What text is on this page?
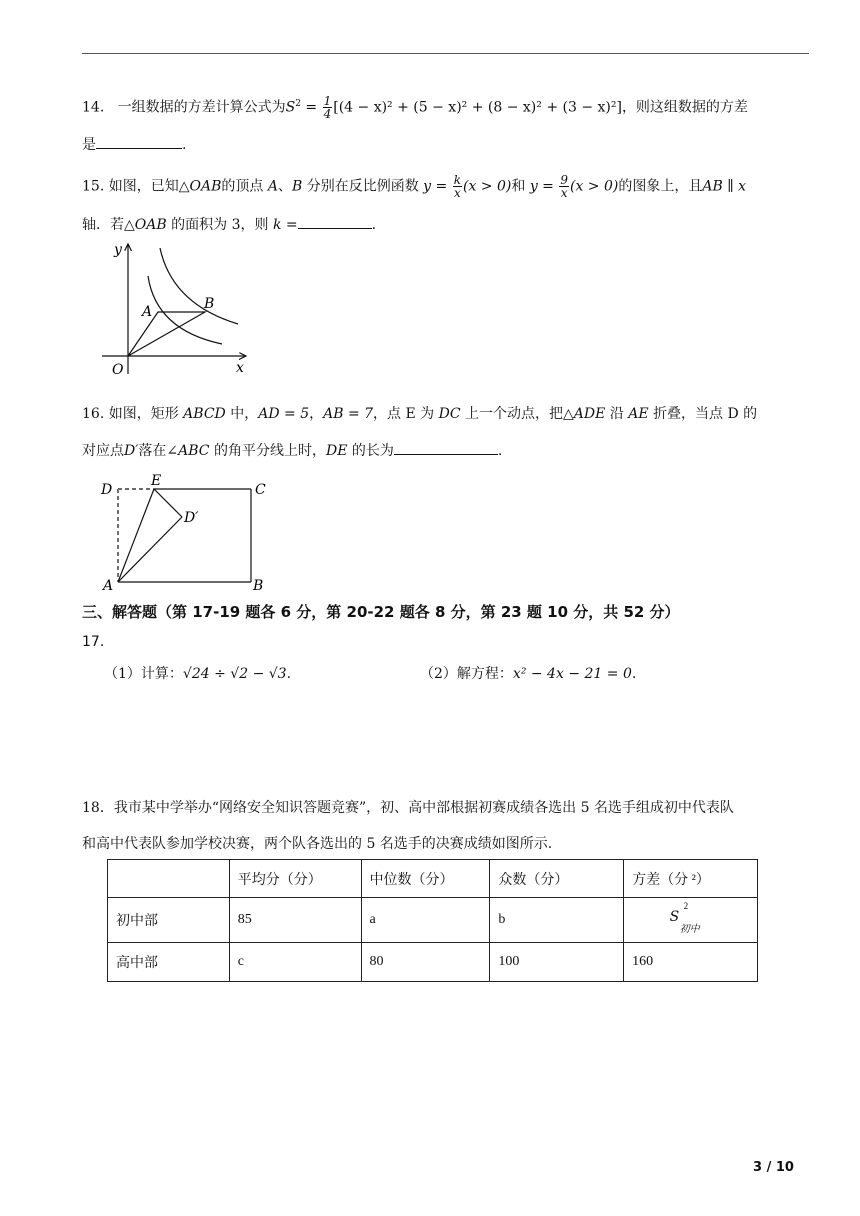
14. 一组数据的方差计算公式为$S^2 = \frac{1}{4} [(4 - x)^2 + (5 - x)^2 + (8 - x)^2 + (3 - x)^2]$，则这组数据的方差
是	.
15. 如图，已知△OAB的顶点 A、B 分别在反比例函数 $y = \frac{k}{x} (x > 0)$和 $y = \frac{9}{x} (x > 0)$的图象上，且AB ∥ x
轴．若△OAB 的面积为 3，则 k =	.
y
x
O
A	B
16. 如图，矩形 ABCD 中，AD = 5，AB = 7，点 E 为 DC 上一个动点，把△ADE 沿 AE 折叠，当点 D 的
对应点D′落在∠ABC 的角平分线上时，DE 的长为	.
D
E
C
D′
A	B
三、解答题（第 17-19 题各 6 分，第 20-22 题各 8 分，第 23 题 10 分，共 52 分）
17.
（1）计算：√24 ÷ √2 − √3.	（2）解方程：x² − 4x − 21 = 0.
18．我市某中学举办“网络安全知识答题竞赛”，初、高中部根据初赛成绩各选出 5 名选手组成初中代表队
和高中代表队参加学校决赛，两个队各选出的 5 名选手的决赛成绩如图所示.
	平均分（分）	中位数（分）	众数（分）	方差（分 ²）
初中部	85	a	b	S
2
初中

高中部	c	80	100	160
3 / 10
